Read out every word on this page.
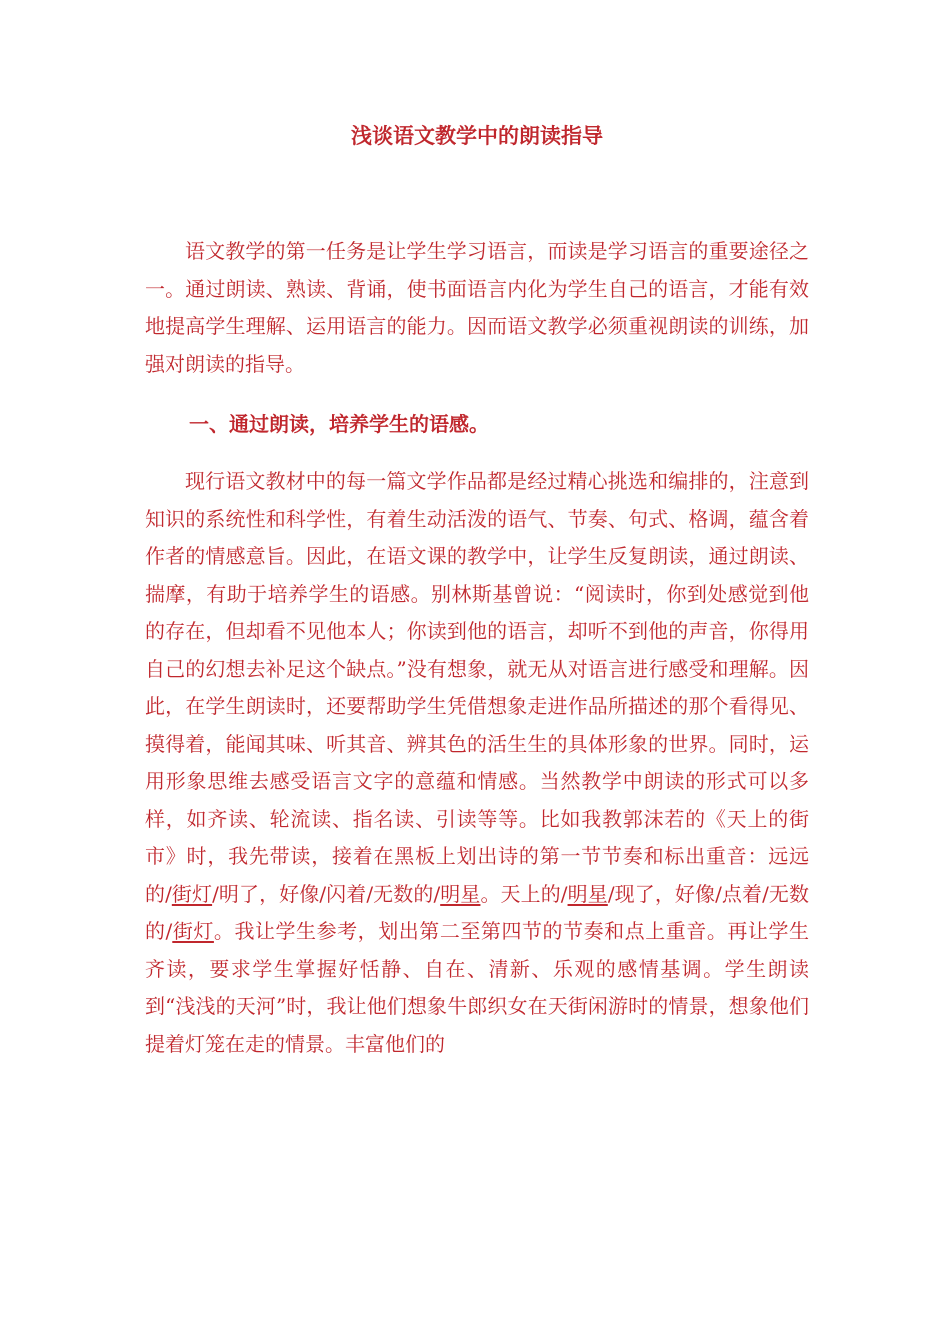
浅谈语文教学中的朗读指导

语文教学的第一任务是让学生学习语言，而读是学习语言的重要途径之一。通过朗读、熟读、背诵，使书面语言内化为学生自己的语言，才能有效地提高学生理解、运用语言的能力。因而语文教学必须重视朗读的训练，加强对朗读的指导。

一、通过朗读，培养学生的语感。

现行语文教材中的每一篇文学作品都是经过精心挑选和编排的，注意到知识的系统性和科学性，有着生动活泼的语气、节奏、句式、格调，蕴含着作者的情感意旨。因此，在语文课的教学中，让学生反复朗读，通过朗读、揣摩，有助于培养学生的语感。别林斯基曾说：“阅读时，你到处感觉到他的存在，但却看不见他本人；你读到他的语言，却听不到他的声音，你得用自己的幻想去补足这个缺点。”没有想象，就无从对语言进行感受和理解。因此，在学生朗读时，还要帮助学生凭借想象走进作品所描述的那个看得见、摸得着，能闻其味、听其音、辨其色的活生生的具体形象的世界。同时，运用形象思维去感受语言文字的意蕴和情感。当然教学中朗读的形式可以多样，如齐读、轮流读、指名读、引读等等。比如我教郭沫若的《天上的街市》时，我先带读，接着在黑板上划出诗的第一节节奏和标出重音：远远的/街灯/明了，好像/闪着/无数的/明星。天上的/明星/现了，好像/点着/无数的/街灯。我让学生参考，划出第二至第四节的节奏和点上重音。再让学生齐读，要求学生掌握好恬静、自在、清新、乐观的感情基调。学生朗读到“浅浅的天河”时，我让他们想象牛郎织女在天街闲游时的情景，想象他们提着灯笼在走的情景。丰富他们的
